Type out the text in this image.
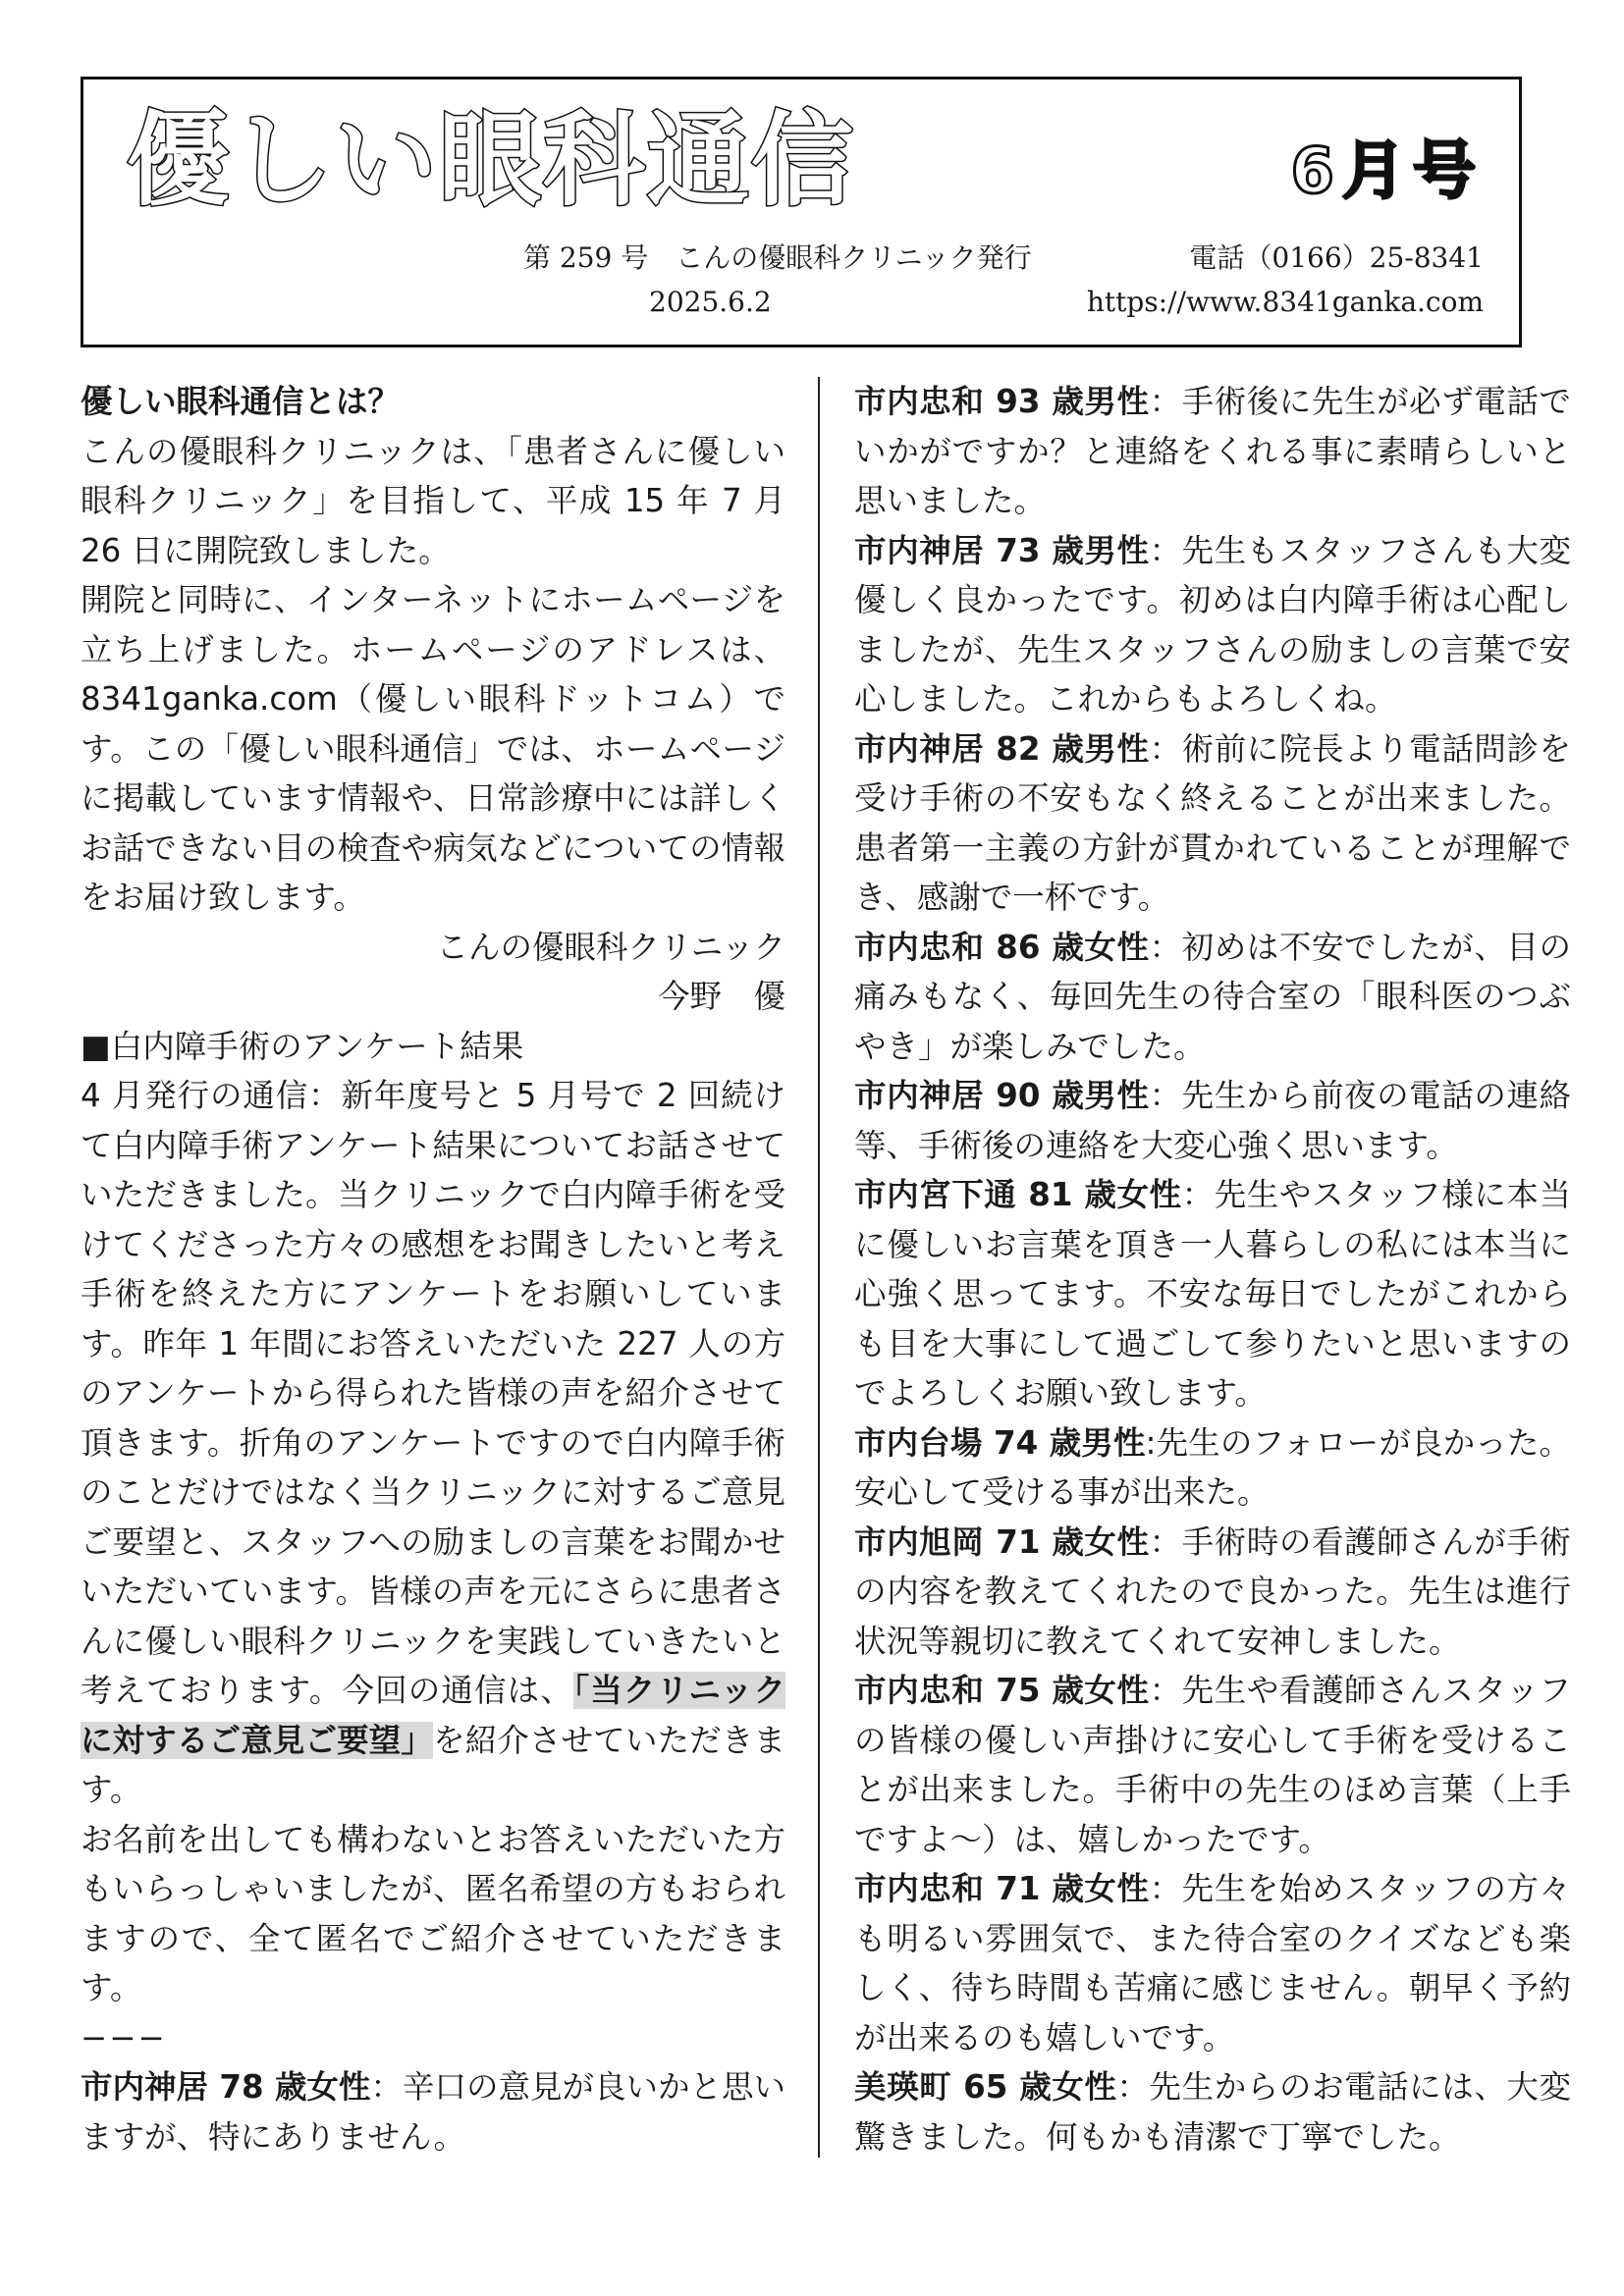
優しい眼科通信	6月号
第 259 号　こんの優眼科クリニック発行	電話（0166）25-8341
2025.6.2	https://www.8341ganka.com

優しい眼科通信とは？

こんの優眼科クリニックは、「患者さんに優しい眼科クリニック」を目指して、平成 15 年 7 月 26 日に開院致しました。

開院と同時に、インターネットにホームページを立ち上げました。ホームページのアドレスは、8341ganka.com（優しい眼科ドットコム）です。この「優しい眼科通信」では、ホームページに掲載しています情報や、日常診療中には詳しくお話できない目の検査や病気などについての情報をお届け致します。

こんの優眼科クリニック

今野　優　

■白内障手術のアンケート結果

4 月発行の通信：新年度号と 5 月号で 2 回続けて白内障手術アンケート結果についてお話させていただきました。当クリニックで白内障手術を受けてくださった方々の感想をお聞きしたいと考え手術を終えた方にアンケートをお願いしています。昨年 1 年間にお答えいただいた 227 人の方のアンケートから得られた皆様の声を紹介させて頂きます。折角のアンケートですので白内障手術のことだけではなく当クリニックに対するご意見ご要望と、スタッフへの励ましの言葉をお聞かせいただいています。皆様の声を元にさらに患者さんに優しい眼科クリニックを実践していきたいと考えております。今回の通信は、「当クリニックに対するご意見ご要望」を紹介させていただきます。

お名前を出しても構わないとお答えいただいた方もいらっしゃいましたが、匿名希望の方もおられますので、全て匿名でご紹介させていただきます。

−−−

市内神居 78 歳女性：辛口の意見が良いかと思いますが、特にありません。

市内忠和 93 歳男性：手術後に先生が必ず電話でいかがですか？と連絡をくれる事に素晴らしいと思いました。

市内神居 73 歳男性：先生もスタッフさんも大変優しく良かったです。初めは白内障手術は心配しましたが、先生スタッフさんの励ましの言葉で安心しました。これからもよろしくね。

市内神居 82 歳男性：術前に院長より電話問診を受け手術の不安もなく終えることが出来ました。患者第一主義の方針が貫かれていることが理解でき、感謝で一杯です。

市内忠和 86 歳女性：初めは不安でしたが、目の痛みもなく、毎回先生の待合室の「眼科医のつぶやき」が楽しみでした。

市内神居 90 歳男性：先生から前夜の電話の連絡等、手術後の連絡を大変心強く思います。

市内宮下通 81 歳女性：先生やスタッフ様に本当に優しいお言葉を頂き一人暮らしの私には本当に心強く思ってます。不安な毎日でしたがこれからも目を大事にして過ごして参りたいと思いますのでよろしくお願い致します。

市内台場 74 歳男性:先生のフォローが良かった。安心して受ける事が出来た。

市内旭岡 71 歳女性：手術時の看護師さんが手術の内容を教えてくれたので良かった。先生は進行状況等親切に教えてくれて安神しました。

市内忠和 75 歳女性：先生や看護師さんスタッフの皆様の優しい声掛けに安心して手術を受けることが出来ました。手術中の先生のほめ言葉（上手ですよ〜）は、嬉しかったです。

市内忠和 71 歳女性：先生を始めスタッフの方々も明るい雰囲気で、また待合室のクイズなども楽しく、待ち時間も苦痛に感じません。朝早く予約が出来るのも嬉しいです。

美瑛町 65 歳女性：先生からのお電話には、大変驚きました。何もかも清潔で丁寧でした。
